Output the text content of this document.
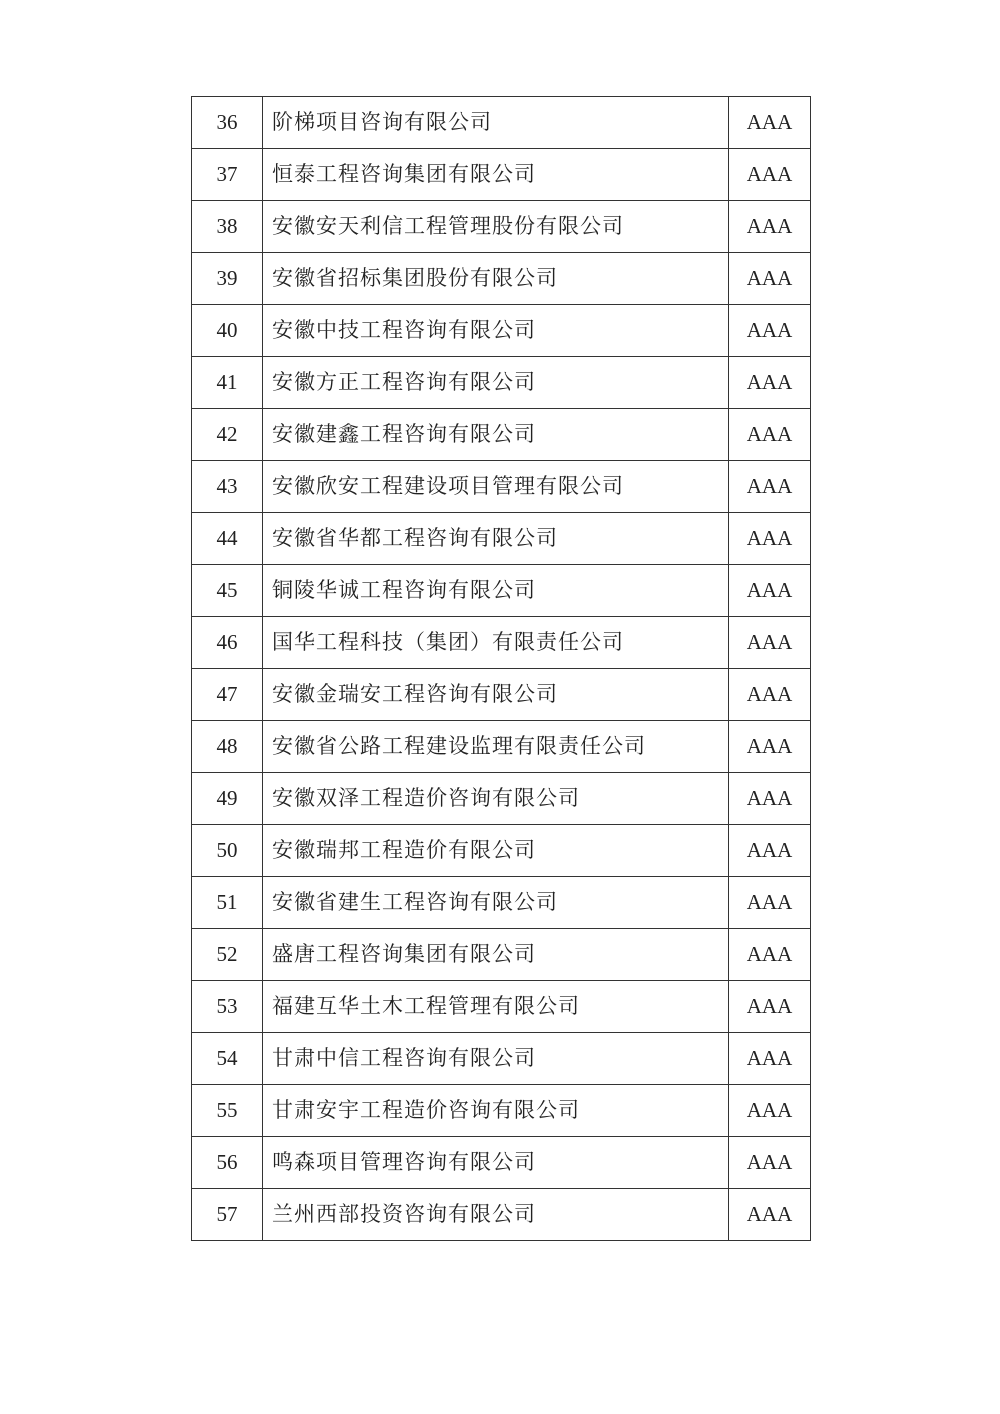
36	阶梯项目咨询有限公司	AAA
37	恒泰工程咨询集团有限公司	AAA
38	安徽安天利信工程管理股份有限公司	AAA
39	安徽省招标集团股份有限公司	AAA
40	安徽中技工程咨询有限公司	AAA
41	安徽方正工程咨询有限公司	AAA
42	安徽建鑫工程咨询有限公司	AAA
43	安徽欣安工程建设项目管理有限公司	AAA
44	安徽省华都工程咨询有限公司	AAA
45	铜陵华诚工程咨询有限公司	AAA
46	国华工程科技（集团）有限责任公司	AAA
47	安徽金瑞安工程咨询有限公司	AAA
48	安徽省公路工程建设监理有限责任公司	AAA
49	安徽双泽工程造价咨询有限公司	AAA
50	安徽瑞邦工程造价有限公司	AAA
51	安徽省建生工程咨询有限公司	AAA
52	盛唐工程咨询集团有限公司	AAA
53	福建互华土木工程管理有限公司	AAA
54	甘肃中信工程咨询有限公司	AAA
55	甘肃安宇工程造价咨询有限公司	AAA
56	鸣森项目管理咨询有限公司	AAA
57	兰州西部投资咨询有限公司	AAA
